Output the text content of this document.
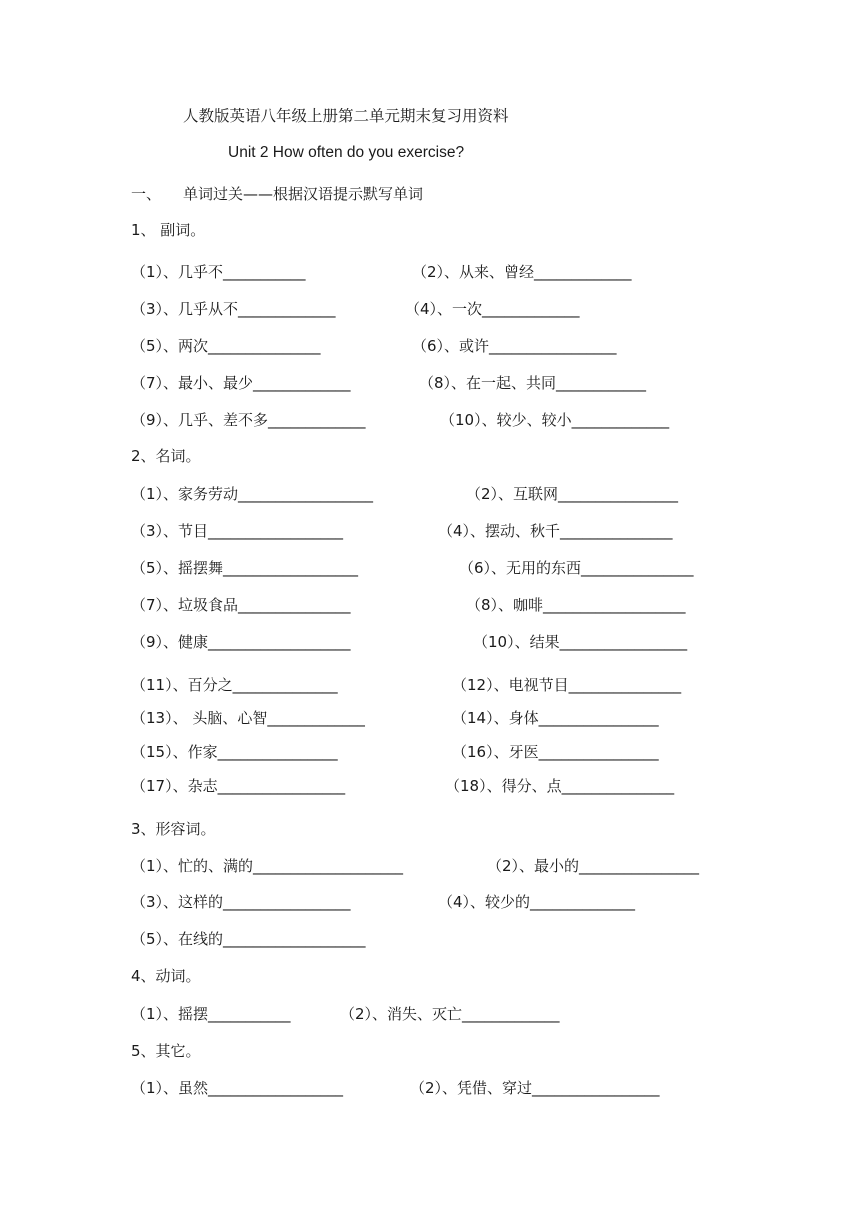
人教版英语八年级上册第二单元期末复习用资料
Unit 2 How often do you exercise?
一、 单词过关——根据汉语提示默写单词
1、 副词。
（1）、几乎不___________	（2）、从来、曾经_____________
（3）、几乎从不_____________	（4）、一次_____________
（5）、两次_______________	（6）、或许_________________
（7）、最小、最少_____________	（8）、在一起、共同____________
（9）、几乎、差不多_____________	（10）、较少、较小_____________
2、名词。
（1）、家务劳动__________________	（2）、互联网________________
（3）、节目__________________	（4）、摆动、秋千_______________
（5）、摇摆舞__________________	（6）、无用的东西_______________
（7）、垃圾食品_______________	（8）、咖啡___________________
（9）、健康___________________	（10）、结果_________________
（11）、百分之______________	（12）、电视节目_______________
（13）、 头脑、心智_____________	（14）、身体________________
（15）、作家________________	（16）、牙医________________
（17）、杂志_________________	（18）、得分、点_______________
3、形容词。
（1）、忙的、满的____________________	（2）、最小的________________
（3）、这样的_________________	（4）、较少的______________
（5）、在线的___________________
4、动词。
（1）、摇摆___________	（2）、消失、灭亡_____________
5、其它。
（1）、虽然__________________	（2）、凭借、穿过_________________
